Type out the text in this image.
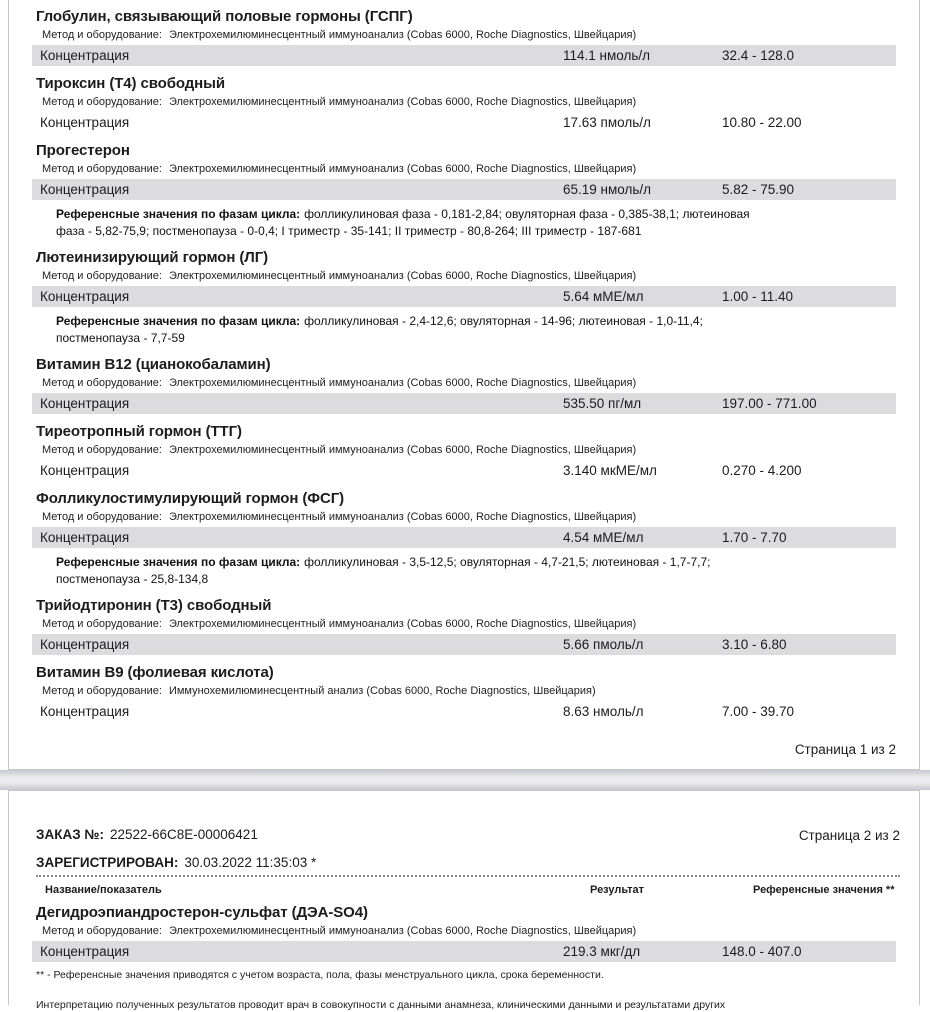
Глобулин, связывающий половые гормоны (ГСПГ)
Метод и оборудование: Электрохемилюминесцентный иммуноанализ (Cobas 6000, Roche Diagnostics, Швейцария)
Концентрация	114.1 нмоль/л	32.4 - 128.0
Тироксин (Т4) свободный
Метод и оборудование: Электрохемилюминесцентный иммуноанализ (Cobas 6000, Roche Diagnostics, Швейцария)
Концентрация	17.63 пмоль/л	10.80 - 22.00
Прогестерон
Метод и оборудование: Электрохемилюминесцентный иммуноанализ (Cobas 6000, Roche Diagnostics, Швейцария)
Концентрация	65.19 нмоль/л	5.82 - 75.90
Референсные значения по фазам цикла: фолликулиновая фаза - 0,181-2,84; овуляторная фаза - 0,385-38,1; лютеиновая
фаза - 5,82-75,9; постменопауза - 0-0,4; I триместр - 35-141; II триместр - 80,8-264; III триместр - 187-681
Лютеинизирующий гормон (ЛГ)
Метод и оборудование: Электрохемилюминесцентный иммуноанализ (Cobas 6000, Roche Diagnostics, Швейцария)
Концентрация	5.64 мМЕ/мл	1.00 - 11.40
Референсные значения по фазам цикла: фолликулиновая - 2,4-12,6; овуляторная - 14-96; лютеиновая - 1,0-11,4;
постменопауза - 7,7-59
Витамин В12 (цианокобаламин)
Метод и оборудование: Электрохемилюминесцентный иммуноанализ (Cobas 6000, Roche Diagnostics, Швейцария)
Концентрация	535.50 пг/мл	197.00 - 771.00
Тиреотропный гормон (ТТГ)
Метод и оборудование: Электрохемилюминесцентный иммуноанализ (Cobas 6000, Roche Diagnostics, Швейцария)
Концентрация	3.140 мкМЕ/мл	0.270 - 4.200
Фолликулостимулирующий гормон (ФСГ)
Метод и оборудование: Электрохемилюминесцентный иммуноанализ (Cobas 6000, Roche Diagnostics, Швейцария)
Концентрация	4.54 мМЕ/мл	1.70 - 7.70
Референсные значения по фазам цикла: фолликулиновая - 3,5-12,5; овуляторная - 4,7-21,5; лютеиновая - 1,7-7,7;
постменопауза - 25,8-134,8
Трийодтиронин (Т3) свободный
Метод и оборудование: Электрохемилюминесцентный иммуноанализ (Cobas 6000, Roche Diagnostics, Швейцария)
Концентрация	5.66 пмоль/л	3.10 - 6.80
Витамин В9 (фолиевая кислота)
Метод и оборудование: Иммунохемилюминесцентный анализ (Cobas 6000, Roche Diagnostics, Швейцария)
Концентрация	8.63 нмоль/л	7.00 - 39.70
Страница 1 из 2
ЗАКАЗ №: 22522-66C8E-00006421	Страница 2 из 2
ЗАРЕГИСТРИРОВАН: 30.03.2022 11:35:03 *
Название/показатель	Результат	Референсные значения **
Дегидроэпиандростерон-сульфат (ДЭА-SO4)
Метод и оборудование: Электрохемилюминесцентный иммуноанализ (Cobas 6000, Roche Diagnostics, Швейцария)
Концентрация	219.3 мкг/дл	148.0 - 407.0
** - Референсные значения приводятся с учетом возраста, пола, фазы менструального цикла, срока беременности.
Интерпретацию полученных результатов проводит врач в совокупности с данными анамнеза, клиническими данными и результатами других
